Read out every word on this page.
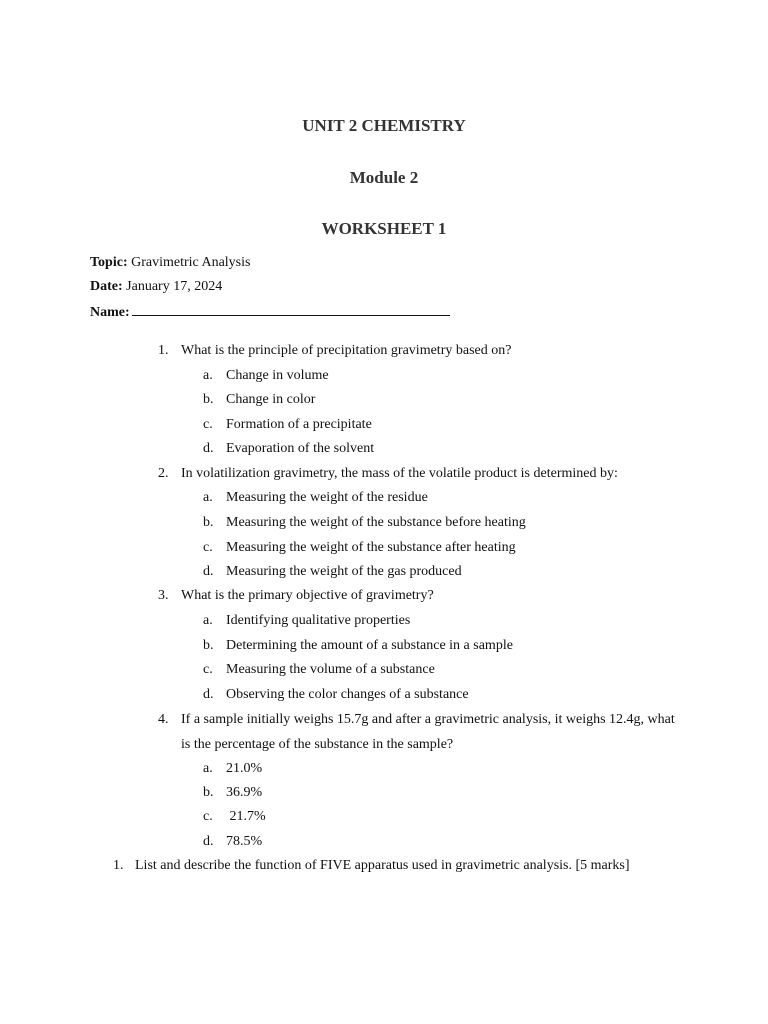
UNIT 2 CHEMISTRY
Module 2
WORKSHEET 1
Topic: Gravimetric Analysis
Date: January 17, 2024
Name:
1. What is the principle of precipitation gravimetry based on?
a. Change in volume
b. Change in color
c. Formation of a precipitate
d. Evaporation of the solvent
2. In volatilization gravimetry, the mass of the volatile product is determined by:
a. Measuring the weight of the residue
b. Measuring the weight of the substance before heating
c. Measuring the weight of the substance after heating
d. Measuring the weight of the gas produced
3. What is the primary objective of gravimetry?
a. Identifying qualitative properties
b. Determining the amount of a substance in a sample
c. Measuring the volume of a substance
d. Observing the color changes of a substance
4. If a sample initially weighs 15.7g and after a gravimetric analysis, it weighs 12.4g, what
is the percentage of the substance in the sample?
a. 21.0%
b. 36.9%
c. 21.7%
d. 78.5%
1. List and describe the function of FIVE apparatus used in gravimetric analysis. [5 marks]
